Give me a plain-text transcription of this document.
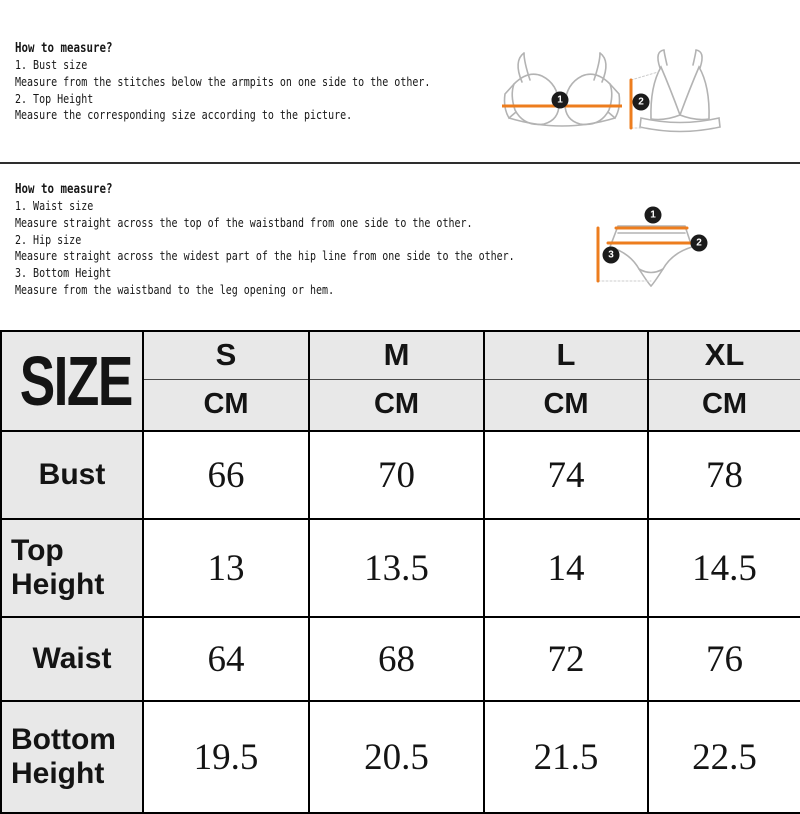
How to measure?
1. Bust size
Measure from the stitches below the armpits on one side to the other.
2. Top Height
Measure the corresponding size according to the picture.
How to measure?
1. Waist size
Measure straight across the top of the waistband from one side to the other.
2. Hip size
Measure straight across the widest part of the hip line from one side to the other.
3. Bottom Height
Measure from the waistband to the leg opening or hem.
1	2
1
2
3
SIZE	S	M	L	XL
	CM	CM	CM	CM
Bust	66	70	74	78
Top Height	13	13.5	14	14.5
Waist	64	68	72	76
Bottom Height	19.5	20.5	21.5	22.5
